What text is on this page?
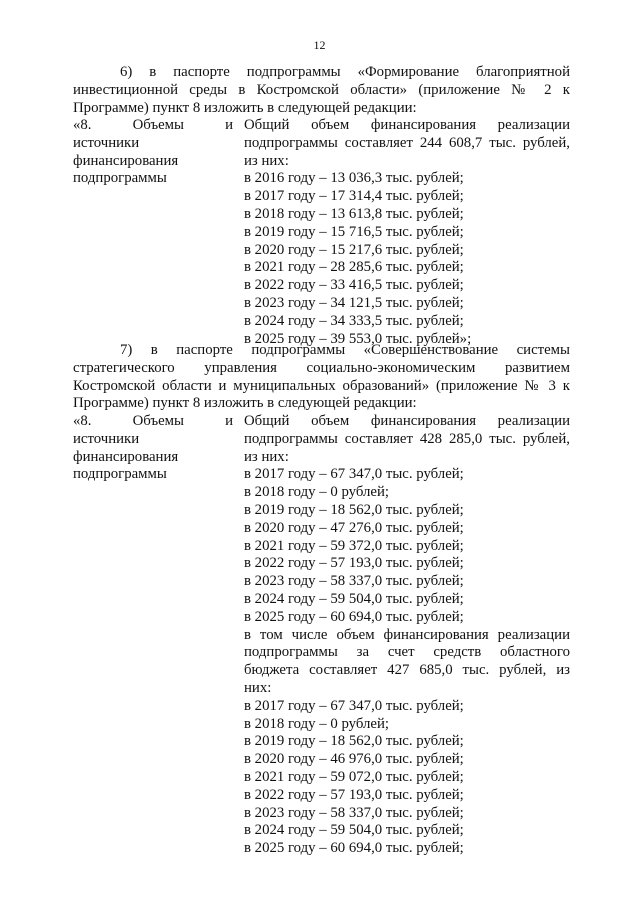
12
6) в паспорте подпрограммы «Формирование благоприятной
инвестиционной среды в Костромской области» (приложение № 2 к
Программе) пункт 8 изложить в следующей редакции:
«8. Объемы и
источники
финансирования
подпрограммы
Общий объем финансирования реализации
подпрограммы составляет 244 608,7 тыс. рублей,
из них:
в 2016 году – 13 036,3 тыс. рублей;
в 2017 году – 17 314,4 тыс. рублей;
в 2018 году – 13 613,8 тыс. рублей;
в 2019 году – 15 716,5 тыс. рублей;
в 2020 году – 15 217,6 тыс. рублей;
в 2021 году – 28 285,6 тыс. рублей;
в 2022 году – 33 416,5 тыс. рублей;
в 2023 году – 34 121,5 тыс. рублей;
в 2024 году – 34 333,5 тыс. рублей;
в 2025 году – 39 553,0 тыс. рублей»;
7) в паспорте подпрограммы «Совершенствование системы
стратегического управления социально-экономическим развитием
Костромской области и муниципальных образований» (приложение № 3 к
Программе) пункт 8 изложить в следующей редакции:
«8. Объемы и
источники
финансирования
подпрограммы
Общий объем финансирования реализации
подпрограммы составляет 428 285,0 тыс. рублей,
из них:
в 2017 году – 67 347,0 тыс. рублей;
в 2018 году – 0 рублей;
в 2019 году – 18 562,0 тыс. рублей;
в 2020 году – 47 276,0 тыс. рублей;
в 2021 году – 59 372,0 тыс. рублей;
в 2022 году – 57 193,0 тыс. рублей;
в 2023 году – 58 337,0 тыс. рублей;
в 2024 году – 59 504,0 тыс. рублей;
в 2025 году – 60 694,0 тыс. рублей;
в том числе объем финансирования реализации
подпрограммы за счет средств областного
бюджета составляет 427 685,0 тыс. рублей, из
них:
в 2017 году – 67 347,0 тыс. рублей;
в 2018 году – 0 рублей;
в 2019 году – 18 562,0 тыс. рублей;
в 2020 году – 46 976,0 тыс. рублей;
в 2021 году – 59 072,0 тыс. рублей;
в 2022 году – 57 193,0 тыс. рублей;
в 2023 году – 58 337,0 тыс. рублей;
в 2024 году – 59 504,0 тыс. рублей;
в 2025 году – 60 694,0 тыс. рублей;
